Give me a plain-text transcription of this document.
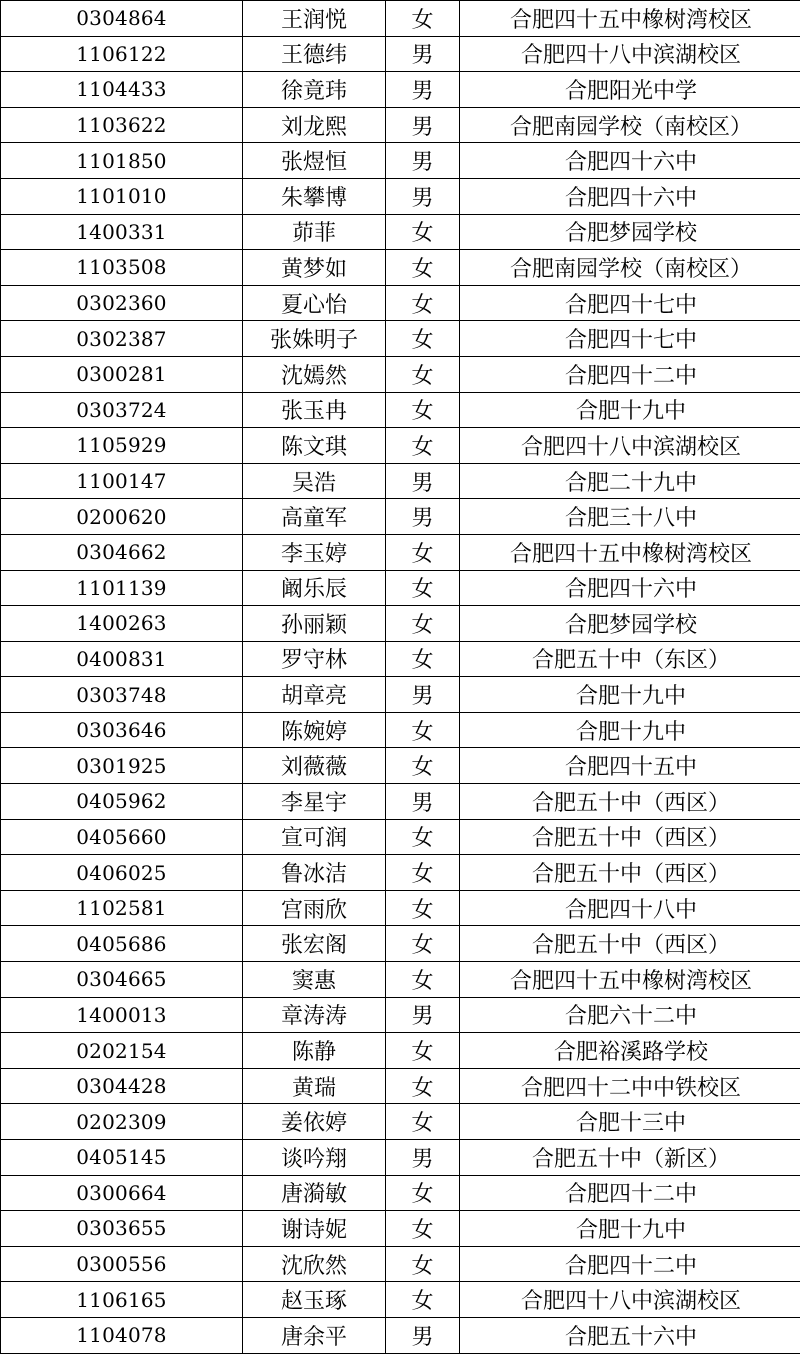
0304864	王润悦	女	合肥四十五中橡树湾校区
1106122	王德纬	男	合肥四十八中滨湖校区
1104433	徐竟玮	男	合肥阳光中学
1103622	刘龙熙	男	合肥南园学校（南校区）
1101850	张煜恒	男	合肥四十六中
1101010	朱攀博	男	合肥四十六中
1400331	茆菲	女	合肥梦园学校
1103508	黄梦如	女	合肥南园学校（南校区）
0302360	夏心怡	女	合肥四十七中
0302387	张姝明子	女	合肥四十七中
0300281	沈嫣然	女	合肥四十二中
0303724	张玉冉	女	合肥十九中
1105929	陈文琪	女	合肥四十八中滨湖校区
1100147	吴浩	男	合肥二十九中
0200620	高童军	男	合肥三十八中
0304662	李玉婷	女	合肥四十五中橡树湾校区
1101139	阚乐辰	女	合肥四十六中
1400263	孙丽颖	女	合肥梦园学校
0400831	罗守林	女	合肥五十中（东区）
0303748	胡章亮	男	合肥十九中
0303646	陈婉婷	女	合肥十九中
0301925	刘薇薇	女	合肥四十五中
0405962	李星宇	男	合肥五十中（西区）
0405660	宣可润	女	合肥五十中（西区）
0406025	鲁冰洁	女	合肥五十中（西区）
1102581	宫雨欣	女	合肥四十八中
0405686	张宏阁	女	合肥五十中（西区）
0304665	窦惠	女	合肥四十五中橡树湾校区
1400013	章涛涛	男	合肥六十二中
0202154	陈静	女	合肥裕溪路学校
0304428	黄瑞	女	合肥四十二中中铁校区
0202309	姜依婷	女	合肥十三中
0405145	谈吟翔	男	合肥五十中（新区）
0300664	唐漪敏	女	合肥四十二中
0303655	谢诗妮	女	合肥十九中
0300556	沈欣然	女	合肥四十二中
1106165	赵玉琢	女	合肥四十八中滨湖校区
1104078	唐余平	男	合肥五十六中
